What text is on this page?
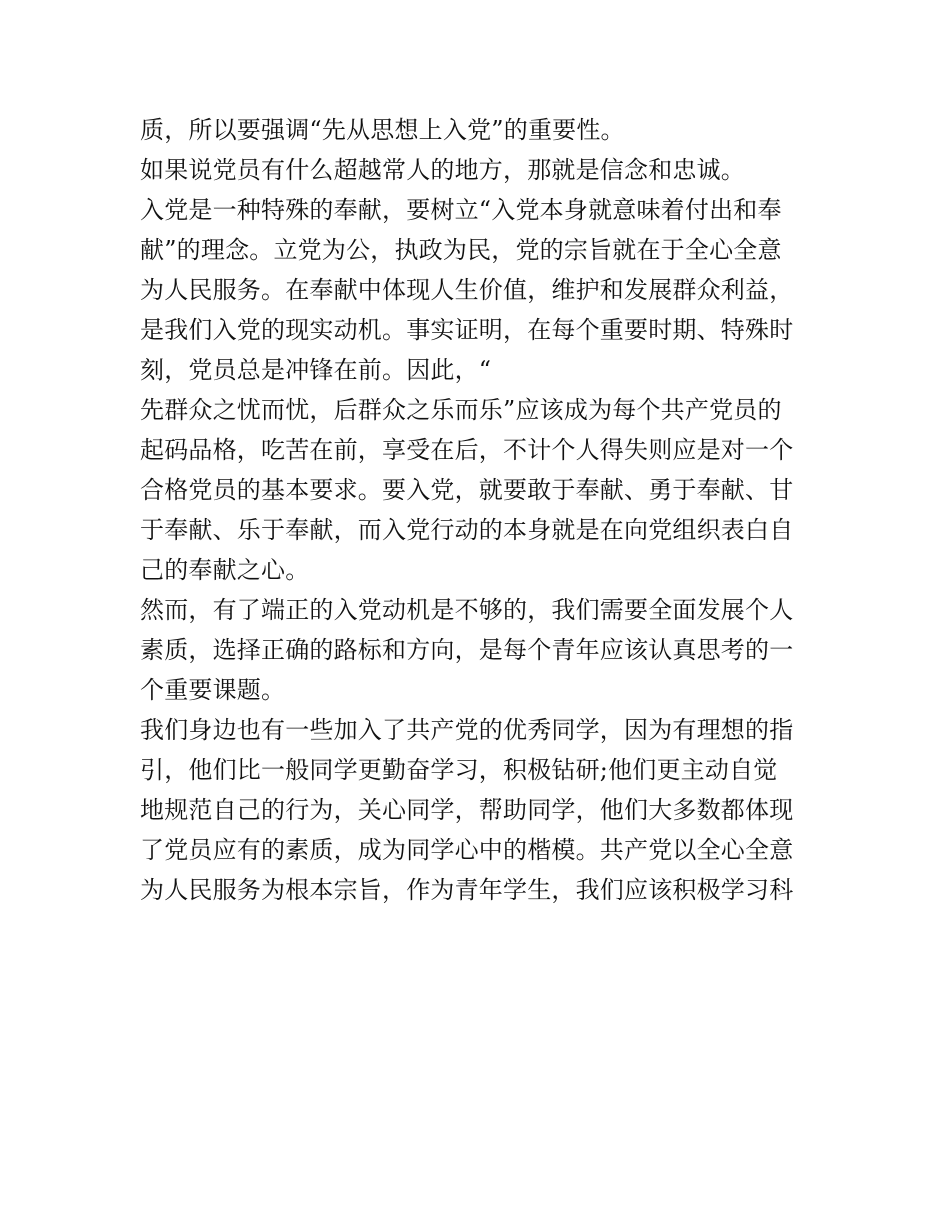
质，所以要强调“先从思想上入党”的重要性。

如果说党员有什么超越常人的地方，那就是信念和忠诚。

入党是一种特殊的奉献，要树立“入党本身就意味着付出和奉

献”的理念。立党为公，执政为民，党的宗旨就在于全心全意

为人民服务。在奉献中体现人生价值，维护和发展群众利益，

是我们入党的现实动机。事实证明，在每个重要时期、特殊时

刻，党员总是冲锋在前。因此，“

先群众之忧而忧，后群众之乐而乐”应该成为每个共产党员的

起码品格，吃苦在前，享受在后，不计个人得失则应是对一个

合格党员的基本要求。要入党，就要敢于奉献、勇于奉献、甘

于奉献、乐于奉献，而入党行动的本身就是在向党组织表白自

己的奉献之心。

然而，有了端正的入党动机是不够的，我们需要全面发展个人

素质，选择正确的路标和方向，是每个青年应该认真思考的一

个重要课题。

我们身边也有一些加入了共产党的优秀同学，因为有理想的指

引，他们比一般同学更勤奋学习，积极钻研;他们更主动自觉

地规范自己的行为，关心同学，帮助同学，他们大多数都体现

了党员应有的素质，成为同学心中的楷模。共产党以全心全意

为人民服务为根本宗旨，作为青年学生，我们应该积极学习科
